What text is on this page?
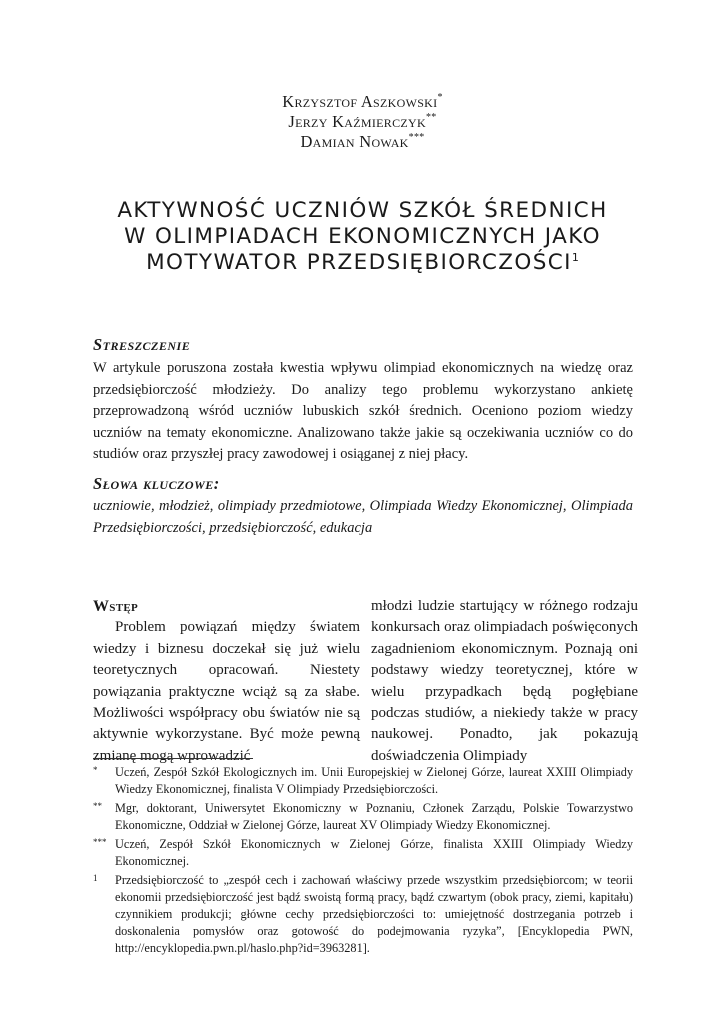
Krzysztof Aszkowski*
Jerzy Kaźmierczyk**
Damian Nowak***
AKTYWNOŚĆ UCZNIÓW SZKÓŁ ŚREDNICH
W OLIMPIADACH EKONOMICZNYCH JAKO
MOTYWATOR PRZEDSIĘBIORCZOŚCI$^1$
Streszczenie
W artykule poruszona została kwestia wpływu olimpiad ekonomicznych na wiedzę oraz przedsiębiorczość młodzieży. Do analizy tego problemu wykorzystano ankietę przeprowadzoną wśród uczniów lubuskich szkół średnich. Oceniono poziom wiedzy uczniów na tematy ekonomiczne. Analizowano także jakie są oczekiwania uczniów co do studiów oraz przyszłej pracy zawodowej i osiąganej z niej płacy.
Słowa kluczowe:
uczniowie, młodzież, olimpiady przedmiotowe, Olimpiada Wiedzy Ekonomicznej, Olimpiada Przedsiębiorczości, przedsiębiorczość, edukacja
Wstęp

Problem powiązań między światem wiedzy i biznesu doczekał się już wielu teoretycznych opracowań. Niestety powiązania praktyczne wciąż są za słabe. Możliwości współpracy obu światów nie są aktywnie wykorzystane. Być może pewną zmianę mogą wprowadzić

młodzi ludzie startujący w różnego rodzaju konkursach oraz olimpiadach poświęconych zagadnieniom ekonomicznym. Poznają oni podstawy wiedzy teoretycznej, które w wielu przypadkach będą pogłębiane podczas studiów, a niekiedy także w pracy naukowej. Ponadto, jak pokazują doświadczenia Olimpiady

*	Uczeń, Zespół Szkół Ekologicznych im. Unii Europejskiej w Zielonej Górze, laureat XXIII Olimpiady Wiedzy Ekonomicznej, finalista V Olimpiady Przedsiębiorczości.
**	Mgr, doktorant, Uniwersytet Ekonomiczny w Poznaniu, Członek Zarządu, Polskie Towarzystwo Ekonomiczne, Oddział w Zielonej Górze, laureat XV Olimpiady Wiedzy Ekonomicznej.
*** Uczeń, Zespół Szkół Ekonomicznych w Zielonej Górze, finalista XXIII Olimpiady Wiedzy Ekonomicznej.
1	Przedsiębiorczość to „zespół cech i zachowań właściwy przede wszystkim przedsiębiorcom; w teorii ekonomii przedsiębiorczość jest bądź swoistą formą pracy, bądź czwartym (obok pracy, ziemi, kapitału) czynnikiem produkcji; główne cechy przedsiębiorczości to: umiejętność dostrzegania potrzeb i doskonalenia pomysłów oraz gotowość do podejmowania ryzyka”, [Encyklopedia PWN, http://encyklopedia.pwn.pl/haslo.php?id=3963281].
